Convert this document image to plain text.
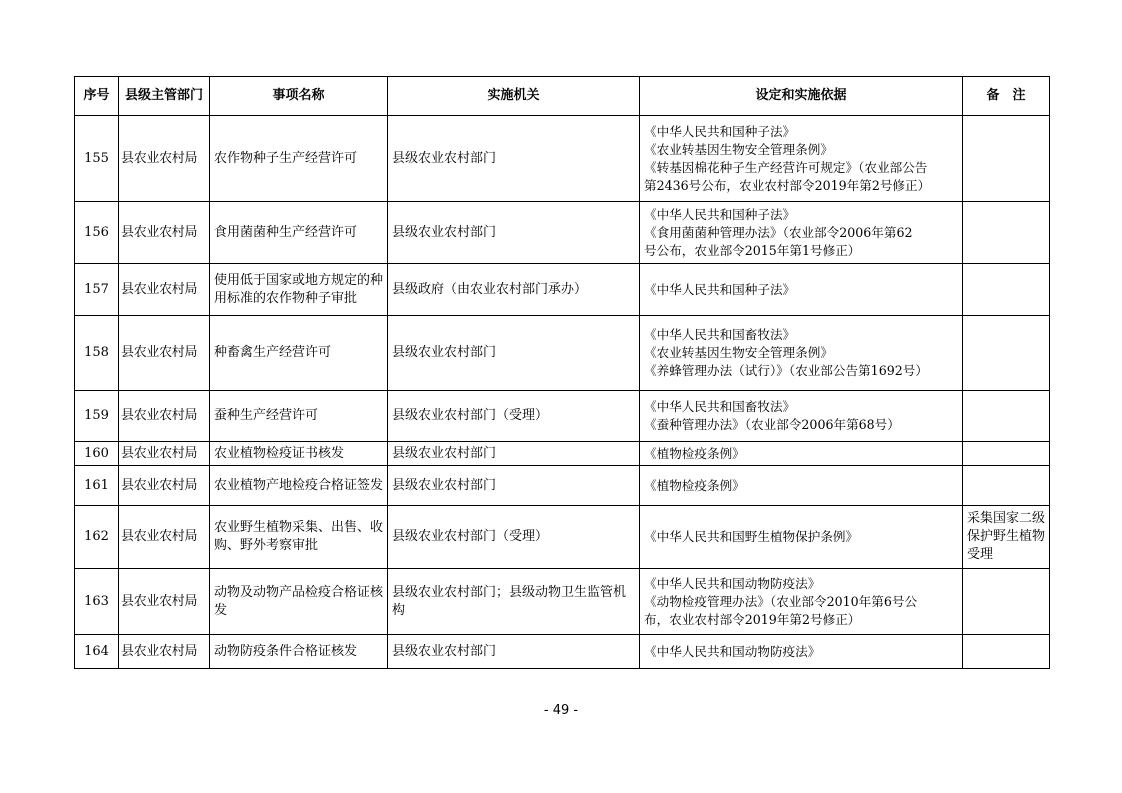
序号	县级主管部门	事项名称	实施机关	设定和实施依据	备　注
155	县农业农村局	农作物种子生产经营许可	县级农业农村部门	《中华人民共和国种子法》
《农业转基因生物安全管理条例》
《转基因棉花种子生产经营许可规定》（农业部公告
第2436号公布，农业农村部令2019年第2号修正）	

156	县农业农村局	食用菌菌种生产经营许可	县级农业农村部门	《中华人民共和国种子法》
《食用菌菌种管理办法》（农业部令2006年第62
号公布，农业部令2015年第1号修正）	

157	县农业农村局	使用低于国家或地方规定的种用标准的农作物种子审批	县级政府（由农业农村部门承办）	《中华人民共和国种子法》	

158	县农业农村局	种畜禽生产经营许可	县级农业农村部门	《中华人民共和国畜牧法》
《农业转基因生物安全管理条例》
《养蜂管理办法（试行）》（农业部公告第1692号）	

159	县农业农村局	蚕种生产经营许可	县级农业农村部门（受理）	《中华人民共和国畜牧法》
《蚕种管理办法》（农业部令2006年第68号）	

160	县农业农村局	农业植物检疫证书核发	县级农业农村部门	《植物检疫条例》	

161	县农业农村局	农业植物产地检疫合格证签发	县级农业农村部门	《植物检疫条例》	

162	县农业农村局	农业野生植物采集、出售、收购、野外考察审批	县级农业农村部门（受理）	《中华人民共和国野生植物保护条例》	采集国家二级保护野生植物受理
163	县农业农村局	动物及动物产品检疫合格证核发	县级农业农村部门；县级动物卫生监管机构	《中华人民共和国动物防疫法》
《动物检疫管理办法》（农业部令2010年第6号公
布，农业农村部令2019年第2号修正）	

164	县农业农村局	动物防疫条件合格证核发	县级农业农村部门	《中华人民共和国动物防疫法》	

- 49 -
